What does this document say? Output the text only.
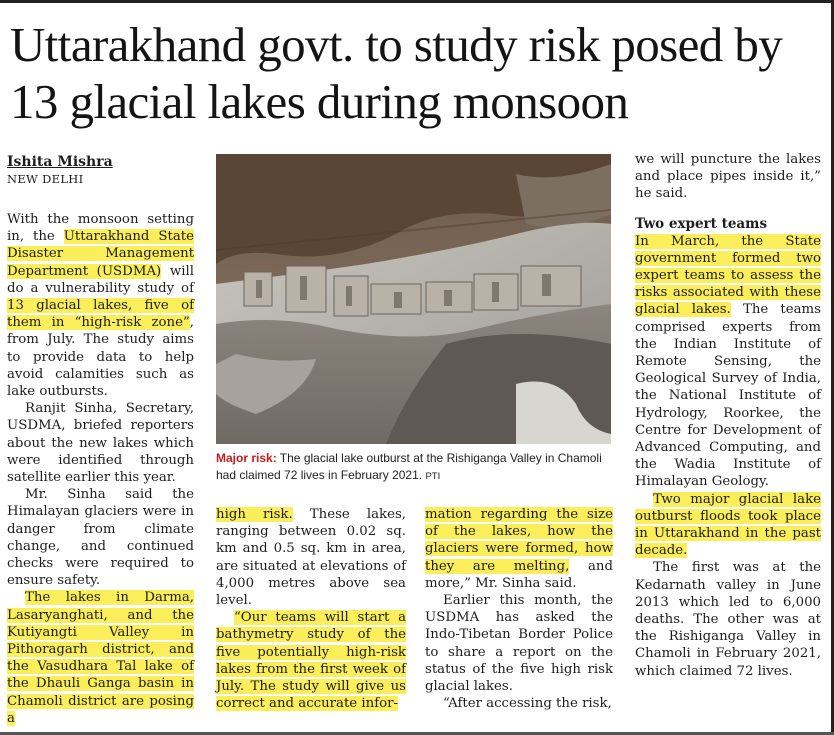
Uttarakhand govt. to study risk posed by 13 glacial lakes during monsoon
Ishita Mishra
NEW DELHI

With the monsoon setting in, the Uttarakhand State Disaster Management Department (USDMA) will do a vulnerability study of 13 glacial lakes, five of them in “high-risk zone”, from July. The study aims to provide data to help avoid calamities such as lake outbursts.

Ranjit Sinha, Secretary, USDMA, briefed reporters about the new lakes which were identified through satellite earlier this year.

Mr. Sinha said the Himalayan glaciers were in danger from climate change, and continued checks were required to ensure safety.

The lakes in Darma, Lasaryanghati, and the Kutiyangti Valley in Pithoragarh district, and the Vasudhara Tal lake of the Dhauli Ganga basin in Chamoli district are posing a

Major risk: The glacial lake outburst at the Rishiganga Valley in Chamoli had claimed 72 lives in February 2021. PTI

high risk. These lakes, ranging between 0.02 sq. km and 0.5 sq. km in area, are situated at elevations of 4,000 metres above sea level.

“Our teams will start a bathymetry study of the five potentially high-risk lakes from the first week of July. The study will give us correct and accurate infor-

mation regarding the size of the lakes, how the glaciers were formed, how they are melting, and more,” Mr. Sinha said.

Earlier this month, the USDMA has asked the Indo-Tibetan Border Police to share a report on the status of the five high risk glacial lakes.

“After accessing the risk,

we will puncture the lakes and place pipes inside it,” he said.

Two expert teams

In March, the State government formed two expert teams to assess the risks associated with these glacial lakes. The teams comprised experts from the Indian Institute of Remote Sensing, the Geological Survey of India, the National Institute of Hydrology, Roorkee, the Centre for Development of Advanced Computing, and the Wadia Institute of Himalayan Geology.

Two major glacial lake outburst floods took place in Uttarakhand in the past decade.

The first was at the Kedarnath valley in June 2013 which led to 6,000 deaths. The other was at the Rishiganga Valley in Chamoli in February 2021, which claimed 72 lives.
